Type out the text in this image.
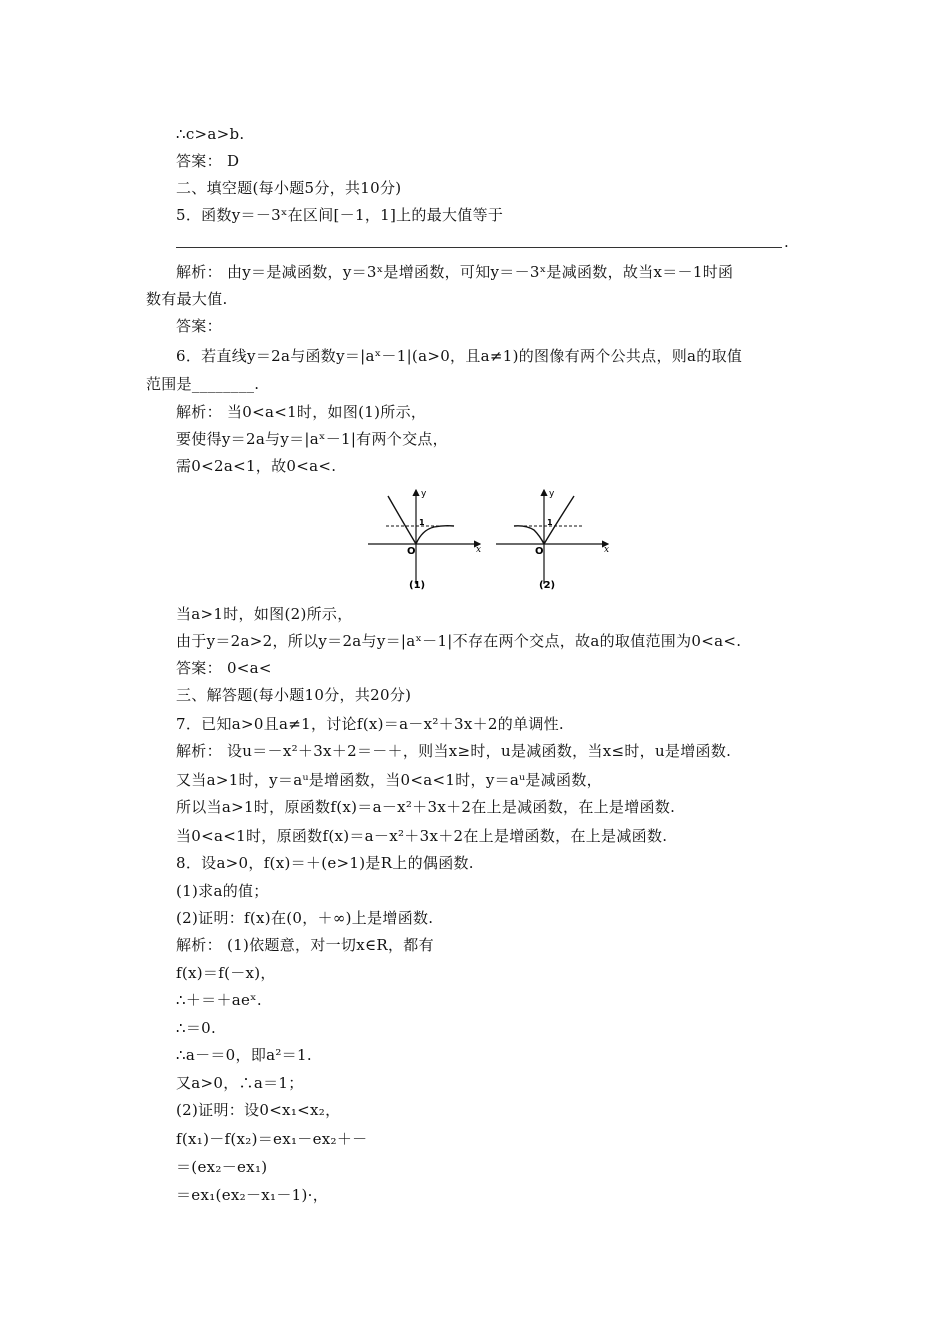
∴c>a>b.
答案： D
二、填空题(每小题5分，共10分)
5．函数y＝－3ˣ在区间[－1，1]上的最大值等于
.
解析： 由y＝是减函数，y＝3ˣ是增函数，可知y＝－3ˣ是减函数，故当x＝－1时函
数有最大值.
答案：
6．若直线y＝2a与函数y＝|aˣ－1|(a>0，且a≠1)的图像有两个公共点，则a的取值
范围是________.
解析： 当0<a<1时，如图(1)所示，
要使得y＝2a与y＝|aˣ－1|有两个交点，
需0<2a<1，故0<a<.
y
x
O
1
(1)
y
x
O
1
(2)
当a>1时，如图(2)所示，
由于y＝2a>2，所以y＝2a与y＝|aˣ－1|不存在两个交点，故a的取值范围为0<a<.
答案： 0<a<
三、解答题(每小题10分，共20分)
7．已知a>0且a≠1，讨论f(x)＝a－x²＋3x＋2的单调性.
解析： 设u＝－x²＋3x＋2＝－＋，则当x≥时，u是减函数，当x≤时，u是增函数.
又当a>1时，y＝aᵘ是增函数，当0<a<1时，y＝aᵘ是减函数，
所以当a>1时，原函数f(x)＝a－x²＋3x＋2在上是减函数，在上是增函数.
当0<a<1时，原函数f(x)＝a－x²＋3x＋2在上是增函数，在上是减函数.
8．设a>0，f(x)＝＋(e>1)是R上的偶函数.
(1)求a的值；
(2)证明：f(x)在(0，＋∞)上是增函数.
解析： (1)依题意，对一切x∈R，都有
f(x)＝f(－x)，
∴＋＝＋aeˣ.
∴＝0.
∴a－＝0，即a²＝1.
又a>0，∴a＝1；
(2)证明：设0<x₁<x₂，
f(x₁)－f(x₂)＝ex₁－ex₂＋－
＝(ex₂－ex₁)
＝ex₁(ex₂－x₁－1)·，
